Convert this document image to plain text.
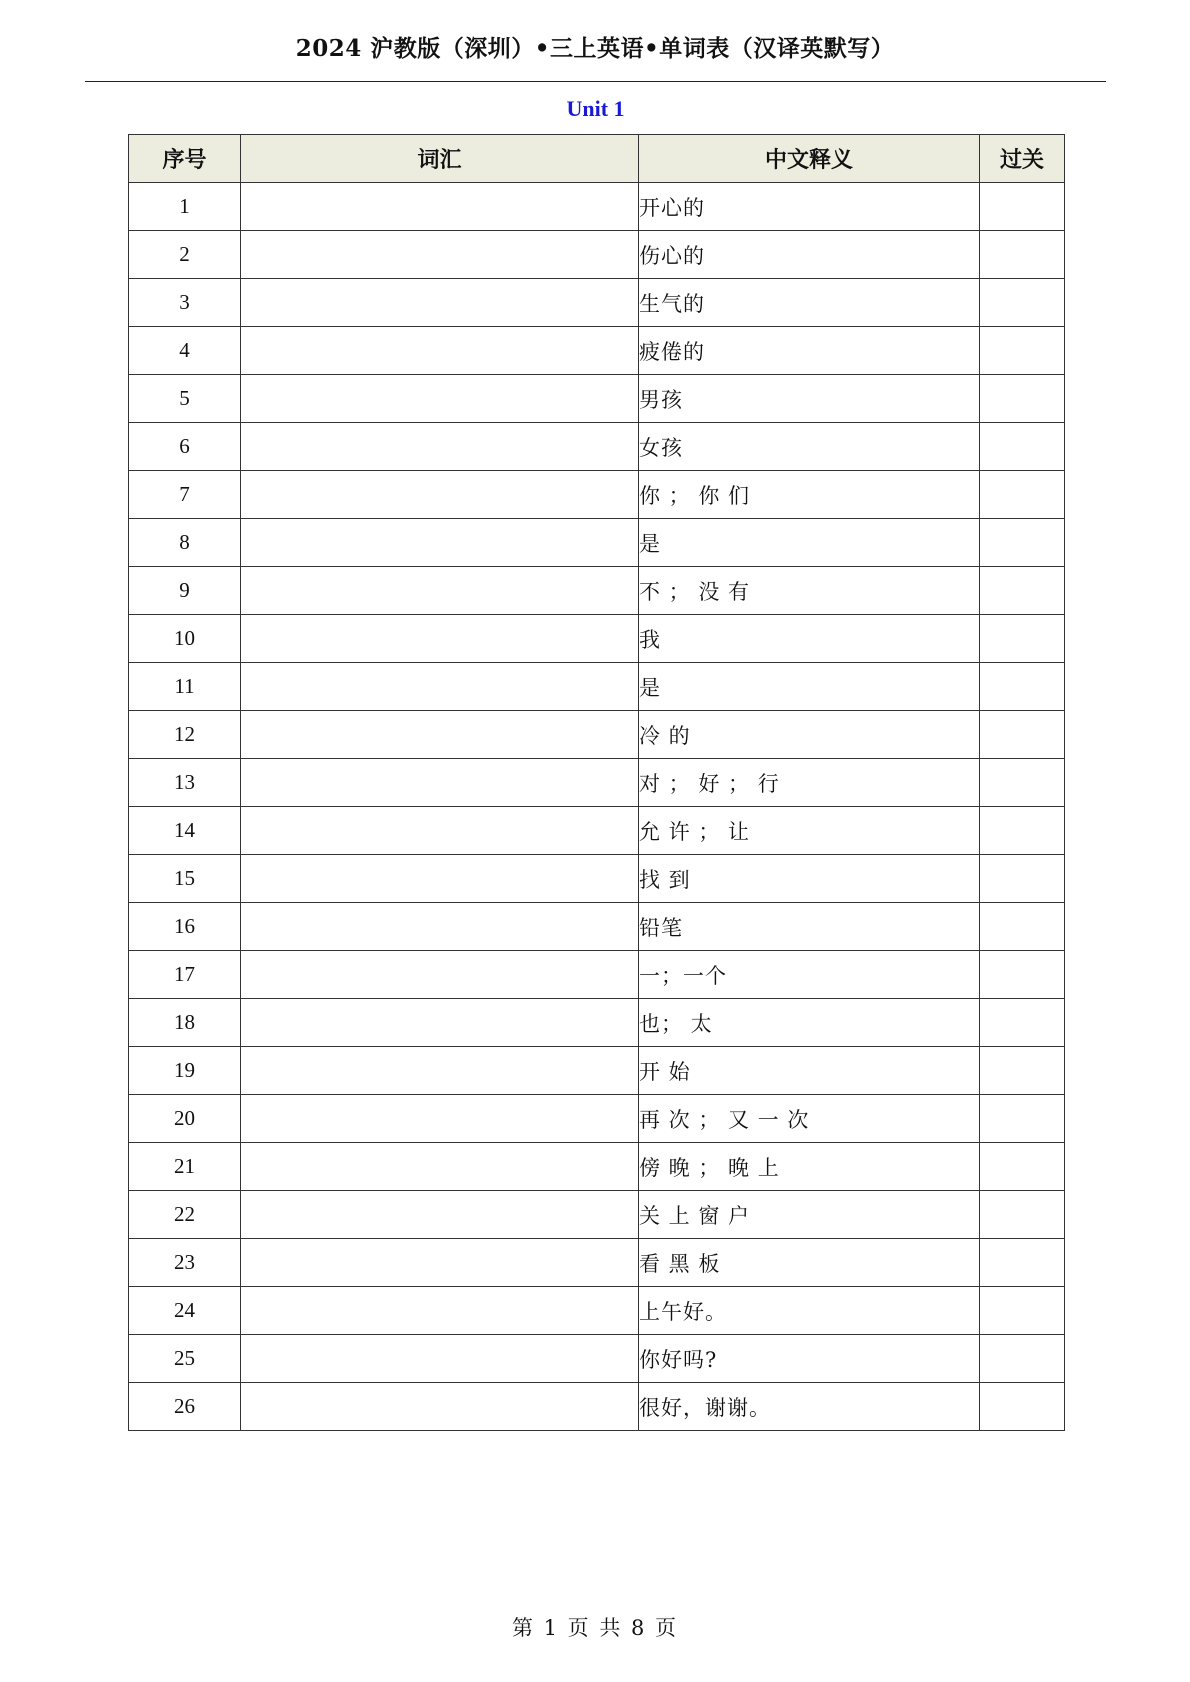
2024 沪教版（深圳）•三上英语•单词表（汉译英默写）
Unit 1
序号	词汇	中文释义	过关
1		开心的	
2		伤心的	
3		生气的	
4		疲倦的	
5		男孩	
6		女孩	
7		你 ； 你 们	
8		是	
9		不 ； 没 有	
10		我	
11		是	
12		冷 的	
13		对 ； 好 ； 行	
14		允 许 ； 让	
15		找 到	
16		铅笔	
17		一；一个	
18		也； 太	
19		开 始	
20		再 次 ； 又 一 次	
21		傍 晚 ； 晚 上	
22		关 上 窗 户	
23		看 黑 板	
24		上午好。	
25		你好吗?	
26		很好，谢谢。	
第 1 页 共 8 页
